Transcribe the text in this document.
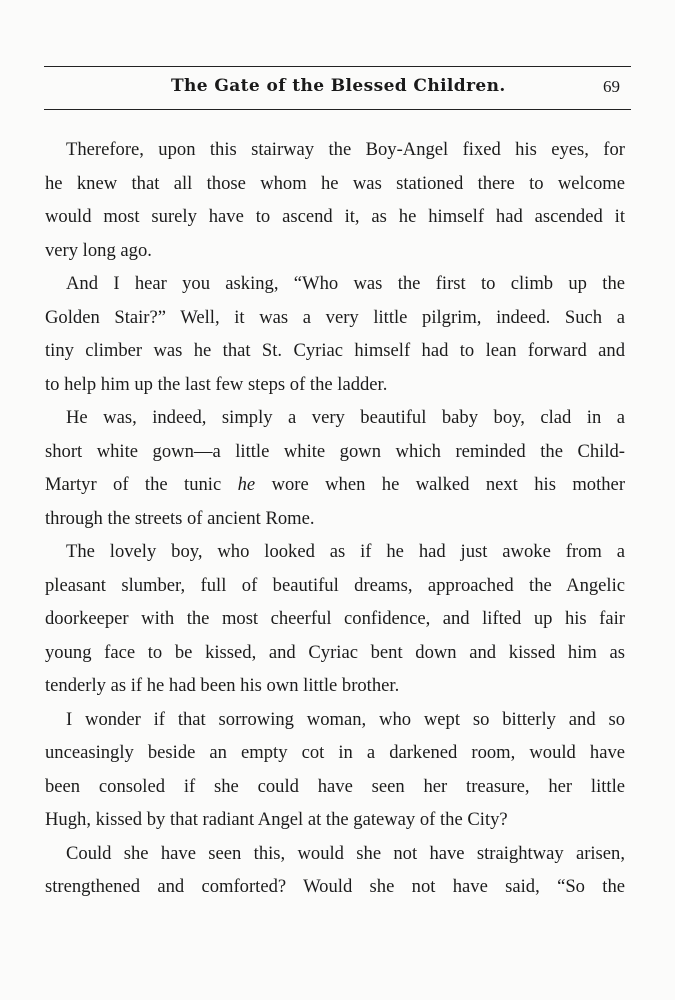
The Gate of the Blessed Children.	69
Therefore, upon this stairway the Boy-Angel fixed his eyes, for
he knew that all those whom he was stationed there to welcome
would most surely have to ascend it, as he himself had ascended it
very long ago.
And I hear you asking, “Who was the first to climb up the
Golden Stair?” Well, it was a very little pilgrim, indeed. Such a
tiny climber was he that St. Cyriac himself had to lean forward and
to help him up the last few steps of the ladder.
He was, indeed, simply a very beautiful baby boy, clad in a
short white gown—a little white gown which reminded the Child-
Martyr of the tunic he wore when he walked next his mother
through the streets of ancient Rome.
The lovely boy, who looked as if he had just awoke from a
pleasant slumber, full of beautiful dreams, approached the Angelic
doorkeeper with the most cheerful confidence, and lifted up his fair
young face to be kissed, and Cyriac bent down and kissed him as
tenderly as if he had been his own little brother.
I wonder if that sorrowing woman, who wept so bitterly and so
unceasingly beside an empty cot in a darkened room, would have
been consoled if she could have seen her treasure, her little
Hugh, kissed by that radiant Angel at the gateway of the City?
Could she have seen this, would she not have straightway arisen,
strengthened and comforted? Would she not have said, “So the
